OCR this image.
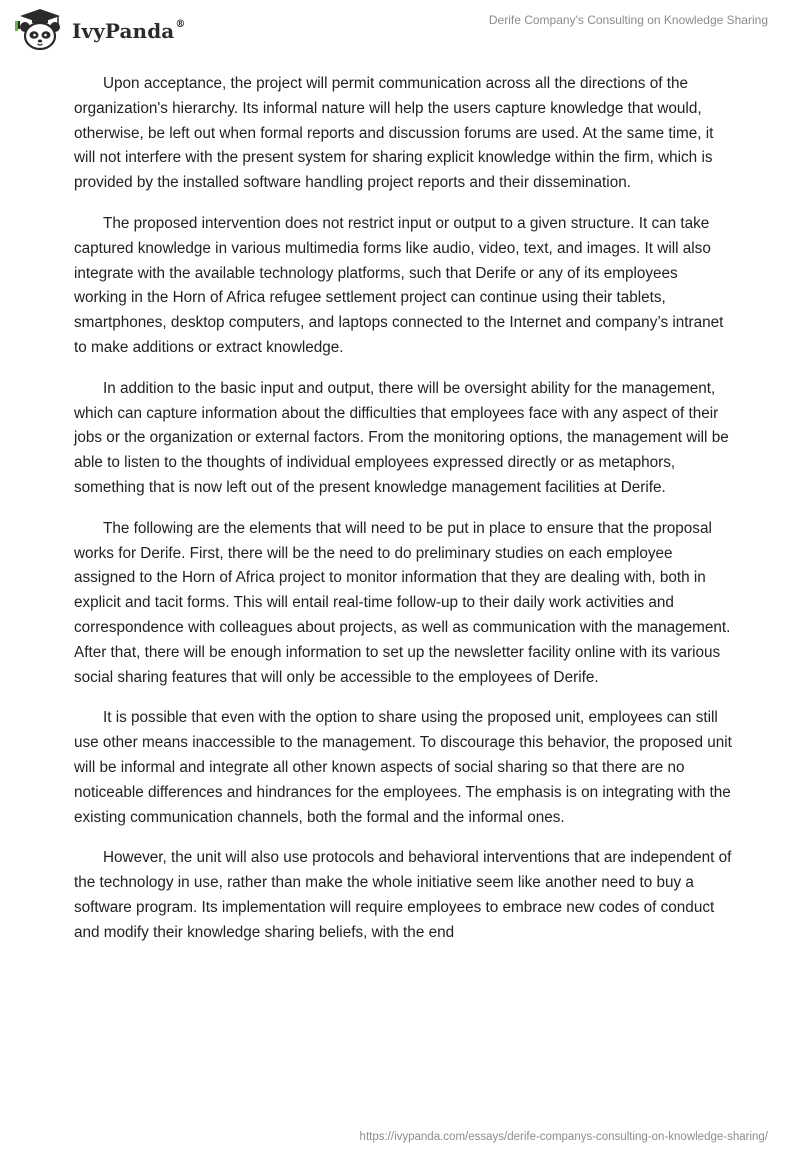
IvyPanda®	Derife Company's Consulting on Knowledge Sharing

Upon acceptance, the project will permit communication across all the directions of the organization's hierarchy. Its informal nature will help the users capture knowledge that would, otherwise, be left out when formal reports and discussion forums are used. At the same time, it will not interfere with the present system for sharing explicit knowledge within the firm, which is provided by the installed software handling project reports and their dissemination.

The proposed intervention does not restrict input or output to a given structure. It can take captured knowledge in various multimedia forms like audio, video, text, and images. It will also integrate with the available technology platforms, such that Derife or any of its employees working in the Horn of Africa refugee settlement project can continue using their tablets, smartphones, desktop computers, and laptops connected to the Internet and company’s intranet to make additions or extract knowledge.

In addition to the basic input and output, there will be oversight ability for the management, which can capture information about the difficulties that employees face with any aspect of their jobs or the organization or external factors. From the monitoring options, the management will be able to listen to the thoughts of individual employees expressed directly or as metaphors, something that is now left out of the present knowledge management facilities at Derife.

The following are the elements that will need to be put in place to ensure that the proposal works for Derife. First, there will be the need to do preliminary studies on each employee assigned to the Horn of Africa project to monitor information that they are dealing with, both in explicit and tacit forms. This will entail real-time follow-up to their daily work activities and correspondence with colleagues about projects, as well as communication with the management. After that, there will be enough information to set up the newsletter facility online with its various social sharing features that will only be accessible to the employees of Derife.

It is possible that even with the option to share using the proposed unit, employees can still use other means inaccessible to the management. To discourage this behavior, the proposed unit will be informal and integrate all other known aspects of social sharing so that there are no noticeable differences and hindrances for the employees. The emphasis is on integrating with the existing communication channels, both the formal and the informal ones.

However, the unit will also use protocols and behavioral interventions that are independent of the technology in use, rather than make the whole initiative seem like another need to buy a software program. Its implementation will require employees to embrace new codes of conduct and modify their knowledge sharing beliefs, with the end

https://ivypanda.com/essays/derife-companys-consulting-on-knowledge-sharing/
